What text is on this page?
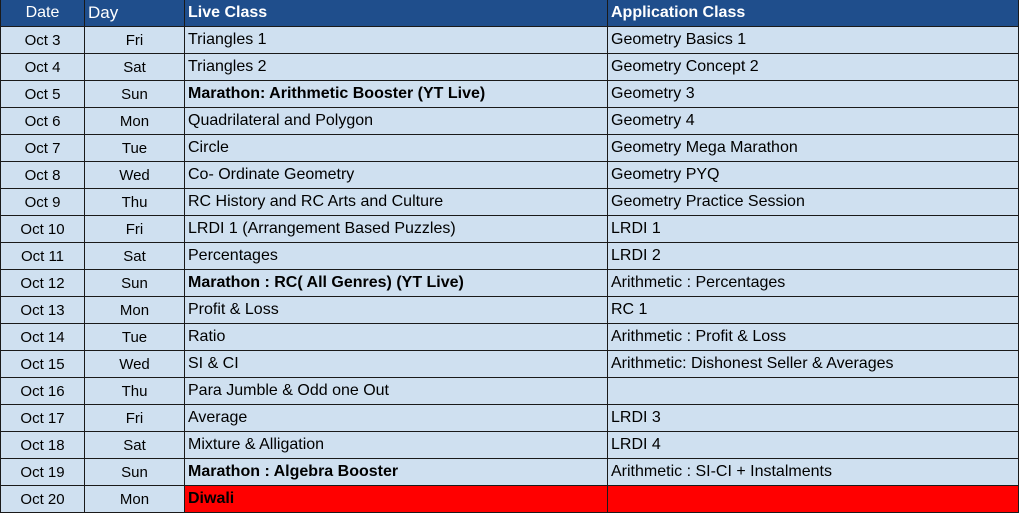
Date	Day	Live Class	Application Class
Oct 3	Fri	Triangles 1	Geometry Basics 1
Oct 4	Sat	Triangles 2	Geometry Concept 2
Oct 5	Sun	Marathon: Arithmetic Booster (YT Live)	Geometry 3
Oct 6	Mon	Quadrilateral and Polygon	Geometry 4
Oct 7	Tue	Circle	Geometry Mega Marathon
Oct 8	Wed	Co- Ordinate Geometry	Geometry PYQ
Oct 9	Thu	RC History and RC Arts and Culture	Geometry Practice Session
Oct 10	Fri	LRDI 1 (Arrangement Based Puzzles)	LRDI 1
Oct 11	Sat	Percentages	LRDI 2
Oct 12	Sun	Marathon : RC( All Genres) (YT Live)	Arithmetic : Percentages
Oct 13	Mon	Profit & Loss	RC 1
Oct 14	Tue	Ratio	Arithmetic : Profit & Loss
Oct 15	Wed	SI & CI	Arithmetic: Dishonest Seller & Averages
Oct 16	Thu	Para Jumble & Odd one Out	
Oct 17	Fri	Average	LRDI 3
Oct 18	Sat	Mixture & Alligation	LRDI 4
Oct 19	Sun	Marathon : Algebra Booster	Arithmetic : SI-CI + Instalments
Oct 20	Mon	Diwali	
